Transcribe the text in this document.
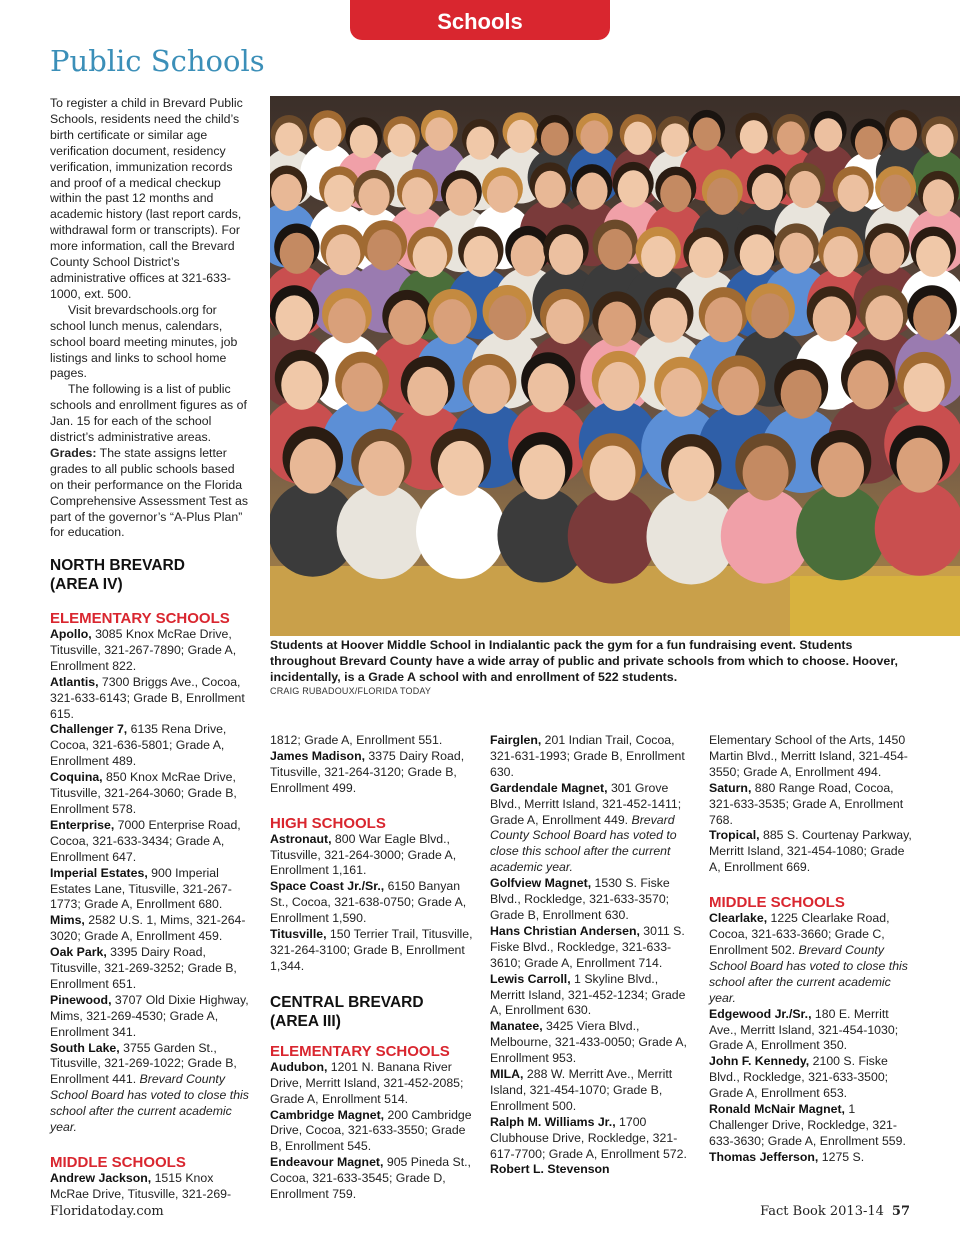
Schools
Public Schools

To register a child in Brevard Public Schools, residents need the child’s birth certificate or similar age verification document, residency verification, immunization records and proof of a medical checkup within the past 12 months and academic history (last report cards, withdrawal form or transcripts). For more information, call the Brevard County School District’s administrative offices at 321-633-1000, ext. 500.

Visit brevardschools.org for school lunch menus, calendars, school board meeting minutes, job listings and links to school home pages.

The following is a list of public schools and enrollment figures as of Jan. 15 for each of the school district’s administrative areas.

Grades: The state assigns letter grades to all public schools based on their performance on the Florida Comprehensive Assessment Test as part of the governor’s “A-Plus Plan” for education.

Students at Hoover Middle School in Indialantic pack the gym for a fun fundraising event. Students throughout Brevard County have a wide array of public and private schools from which to choose. Hoover, incidentally, is a Grade A school with and enrollment of 522 students.
CRAIG RUBADOUX/FLORIDA TODAY
NORTH BREVARD
(AREA IV)
ELEMENTARY SCHOOLS
Apollo, 3085 Knox McRae Drive, Titusville, 321-267-7890; Grade A, Enrollment 822.
Atlantis, 7300 Briggs Ave., Cocoa, 321-633-6143; Grade B, Enrollment 615.
Challenger 7, 6135 Rena Drive, Cocoa, 321-636-5801; Grade A, Enrollment 489.
Coquina, 850 Knox McRae Drive, Titusville, 321-264-3060; Grade B, Enrollment 578.
Enterprise, 7000 Enterprise Road, Cocoa, 321-633-3434; Grade A, Enrollment 647.
Imperial Estates, 900 Imperial Estates Lane, Titusville, 321-267-1773; Grade A, Enrollment 680.
Mims, 2582 U.S. 1, Mims, 321-264-3020; Grade A, Enrollment 459.
Oak Park, 3395 Dairy Road, Titusville, 321-269-3252; Grade B, Enrollment 651.
Pinewood, 3707 Old Dixie Highway, Mims, 321-269-4530; Grade A, Enrollment 341.
South Lake, 3755 Garden St., Titusville, 321-269-1022; Grade B, Enrollment 441. Brevard County School Board has voted to close this school after the current academic year.
MIDDLE SCHOOLS
Andrew Jackson, 1515 Knox McRae Drive, Titusville, 321-269-
1812; Grade A, Enrollment 551.
James Madison, 3375 Dairy Road, Titusville, 321-264-3120; Grade B, Enrollment 499.
HIGH SCHOOLS
Astronaut, 800 War Eagle Blvd., Titusville, 321-264-3000; Grade A, Enrollment 1,161.
Space Coast Jr./Sr., 6150 Banyan St., Cocoa, 321-638-0750; Grade A, Enrollment 1,590.
Titusville, 150 Terrier Trail, Titusville, 321-264-3100; Grade B, Enrollment 1,344.
CENTRAL BREVARD
(AREA III)
ELEMENTARY SCHOOLS
Audubon, 1201 N. Banana River Drive, Merritt Island, 321-452-2085; Grade A, Enrollment 514.
Cambridge Magnet, 200 Cambridge Drive, Cocoa, 321-633-3550; Grade B, Enrollment 545.
Endeavour Magnet, 905 Pineda St., Cocoa, 321-633-3545; Grade D, Enrollment 759.
Fairglen, 201 Indian Trail, Cocoa, 321-631-1993; Grade B, Enrollment 630.
Gardendale Magnet, 301 Grove Blvd., Merritt Island, 321-452-1411; Grade A, Enrollment 449. Brevard County School Board has voted to close this school after the current academic year.
Golfview Magnet, 1530 S. Fiske Blvd., Rockledge, 321-633-3570; Grade B, Enrollment 630.
Hans Christian Andersen, 3011 S. Fiske Blvd., Rockledge, 321-633-3610; Grade A, Enrollment 714.
Lewis Carroll, 1 Skyline Blvd., Merritt Island, 321-452-1234; Grade A, Enrollment 630.
Manatee, 3425 Viera Blvd., Melbourne, 321-433-0050; Grade A, Enrollment 953.
MILA, 288 W. Merritt Ave., Merritt Island, 321-454-1070; Grade B, Enrollment 500.
Ralph M. Williams Jr., 1700 Clubhouse Drive, Rockledge, 321-617-7700; Grade A, Enrollment 572.
Robert L. Stevenson
Elementary School of the Arts, 1450 Martin Blvd., Merritt Island, 321-454-3550; Grade A, Enrollment 494.
Saturn, 880 Range Road, Cocoa, 321-633-3535; Grade A, Enrollment 768.
Tropical, 885 S. Courtenay Parkway, Merritt Island, 321-454-1080; Grade A, Enrollment 669.
MIDDLE SCHOOLS
Clearlake, 1225 Clearlake Road, Cocoa, 321-633-3660; Grade C, Enrollment 502. Brevard County School Board has voted to close this school after the current academic year.
Edgewood Jr./Sr., 180 E. Merritt Ave., Merritt Island, 321-454-1030; Grade A, Enrollment 350.
John F. Kennedy, 2100 S. Fiske Blvd., Rockledge, 321-633-3500; Grade A, Enrollment 653.
Ronald McNair Magnet, 1 Challenger Drive, Rockledge, 321-633-3630; Grade A, Enrollment 559.
Thomas Jefferson, 1275 S.
Floridatoday.com	Fact Book 2013-14 57
